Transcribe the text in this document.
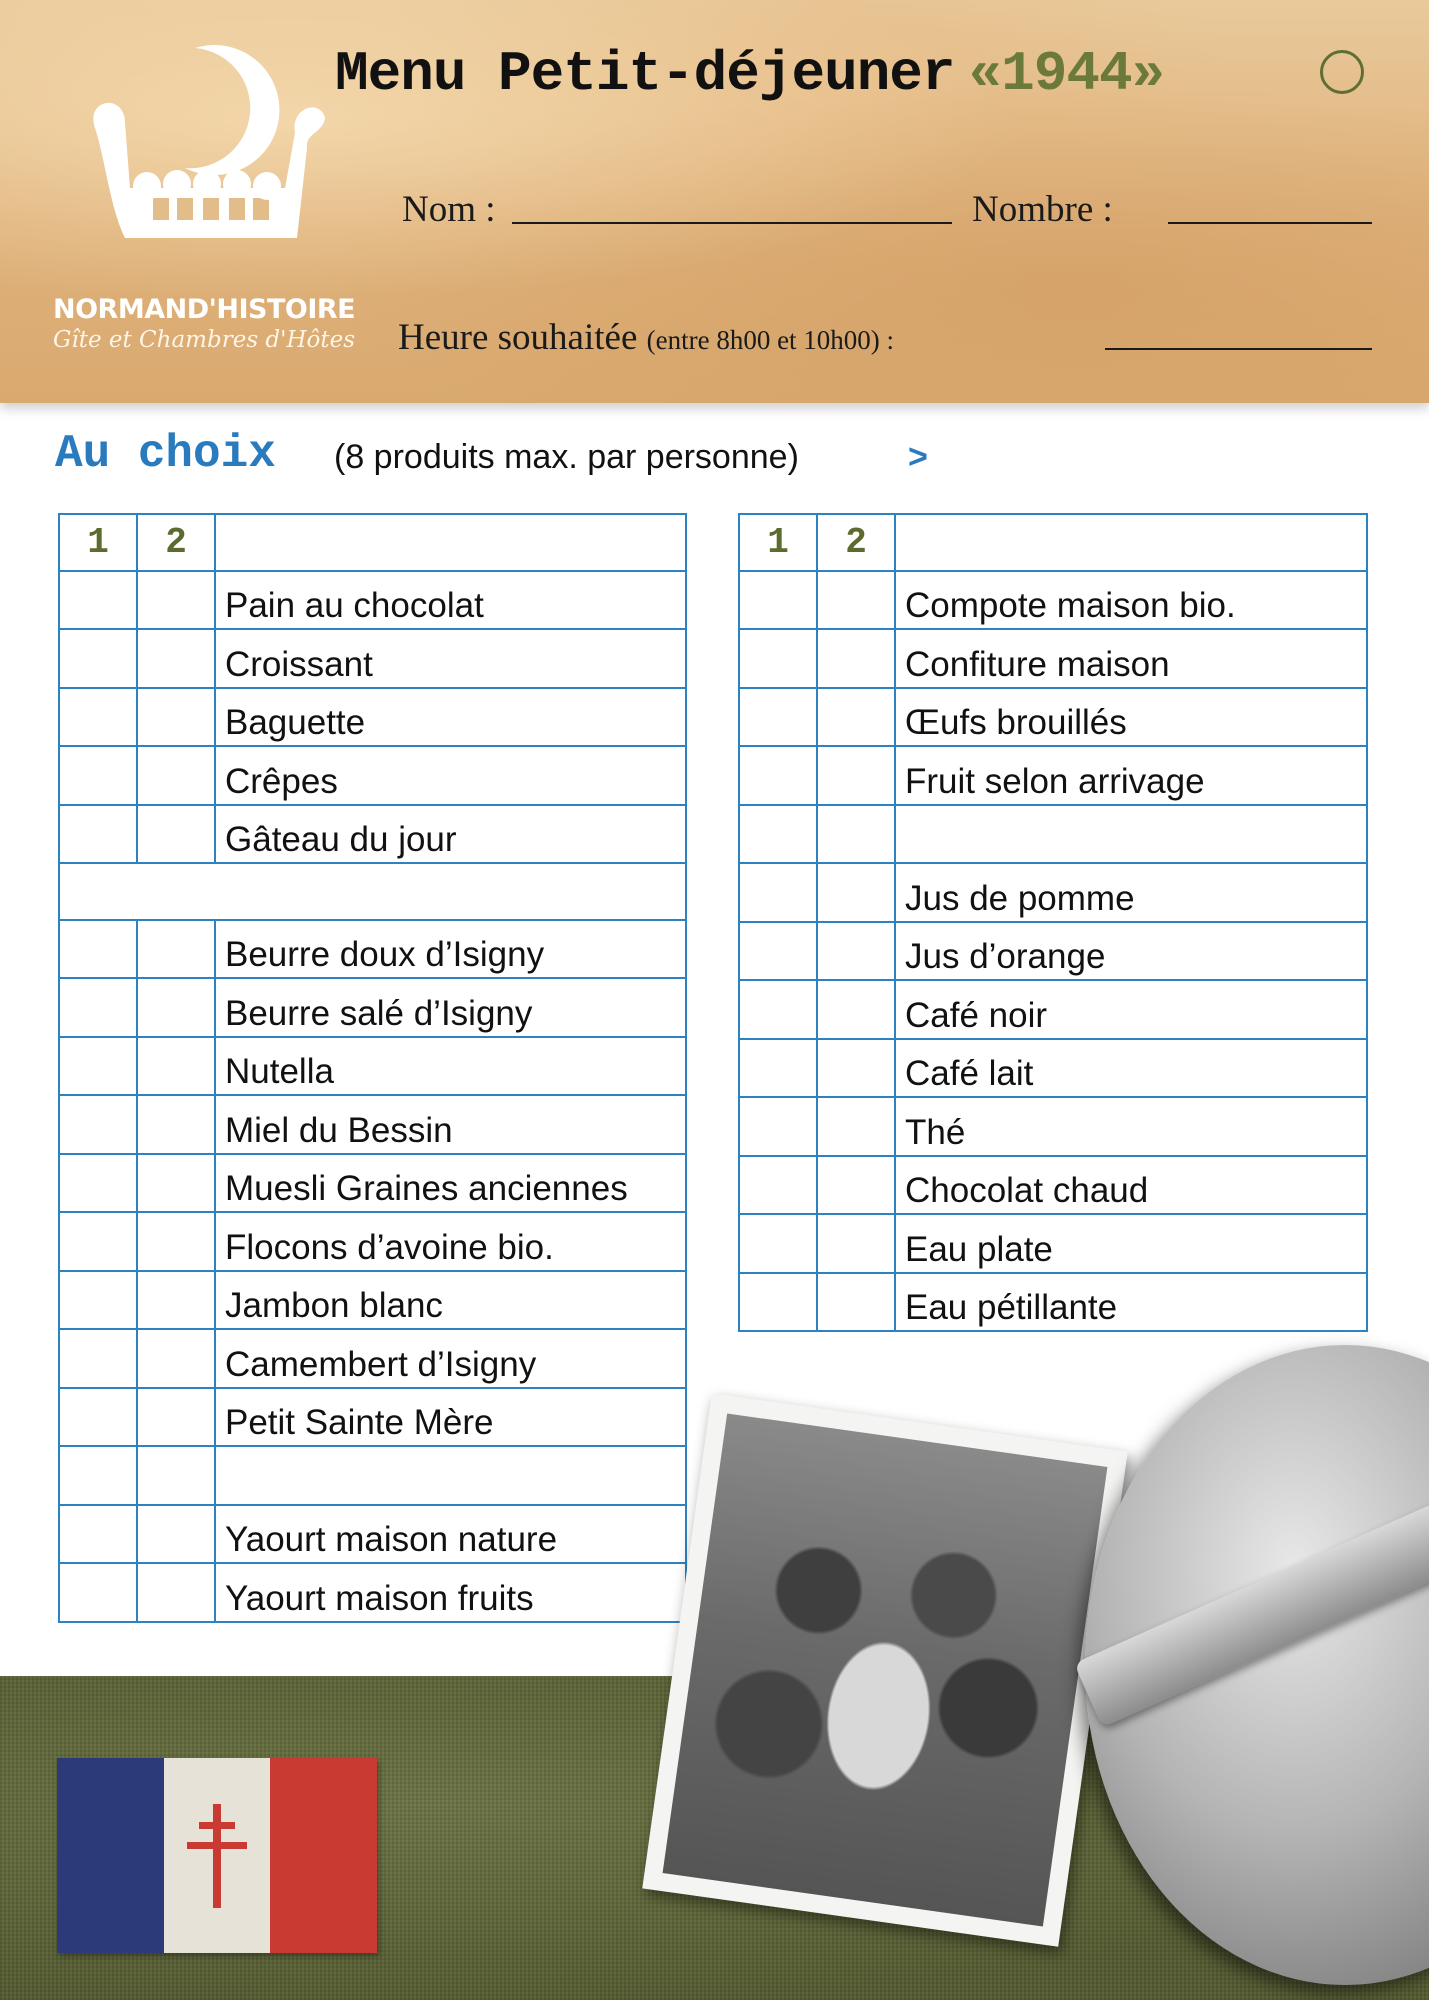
NORMAND'HISTOIRE
Gîte et Chambres d'Hôtes
Menu Petit-déjeuner «1944»
Nom :	Nombre :
Heure souhaitée (entre 8h00 et 10h00) :
Au choix (8 produits max. par personne)	>
1	2	
		Pain au chocolat
		Croissant
		Baguette
		Crêpes
		Gâteau du jour

		Beurre doux d’Isigny
		Beurre salé d’Isigny
		Nutella
		Miel du Bessin
		Muesli Graines anciennes
		Flocons d’avoine bio.
		Jambon blanc
		Camembert d’Isigny
		Petit Sainte Mère

		Yaourt maison nature
		Yaourt maison fruits
1	2	
		Compote maison bio.
		Confiture maison
		Œufs brouillés
		Fruit selon arrivage

		Jus de pomme
		Jus d’orange
		Café noir
		Café lait
		Thé
		Chocolat chaud
		Eau plate
		Eau pétillante
